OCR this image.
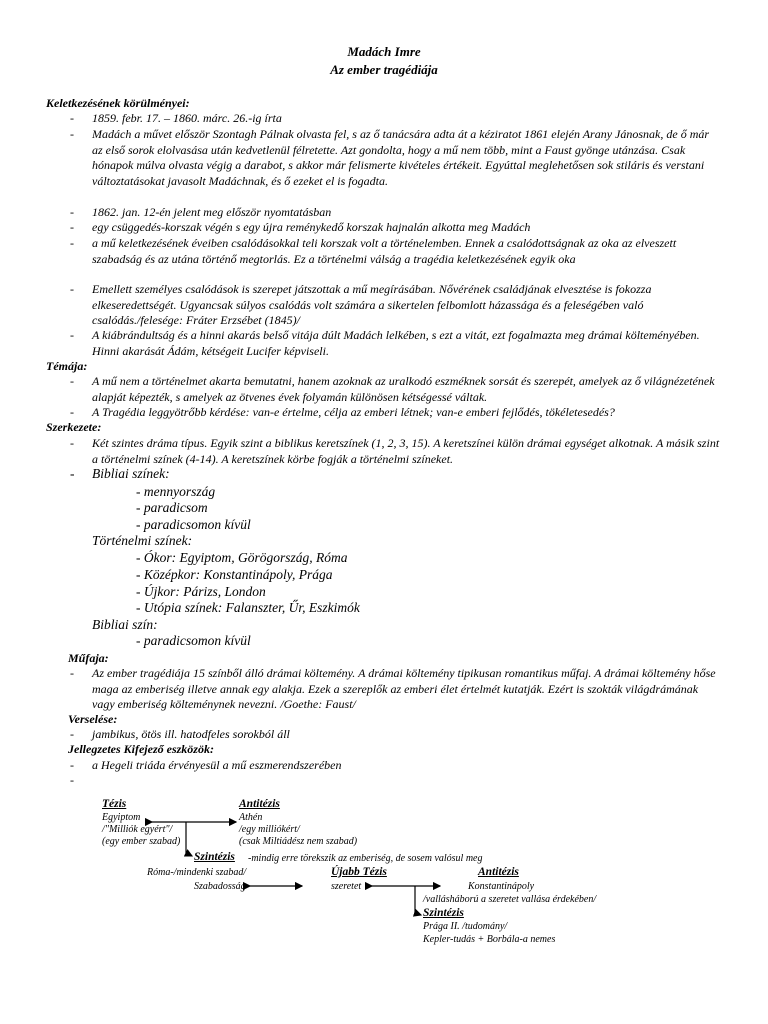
Madách Imre
Az ember tragédiája
Keletkezésének körülményei:
- 1859. febr. 17. – 1860. márc. 26.-ig írta
- Madách a művet először Szontagh Pálnak olvasta fel, s az ő tanácsára adta át a kéziratot 1861 elején Arany Jánosnak, de ő már az első sorok elolvasása után kedvetlenül félretette. Azt gondolta, hogy a mű nem több, mint a Faust gyönge utánzása. Csak hónapok múlva olvasta végig a darabot, s akkor már felismerte kivételes értékeit. Egyúttal meglehetősen sok stiláris és verstani változtatásokat javasolt Madáchnak, és ő ezeket el is fogadta.
- 1862. jan. 12-én jelent meg először nyomtatásban
- egy csüggedés-korszak végén s egy újra reménykedő korszak hajnalán alkotta meg Madách
- a mű keletkezésének éveiben csalódásokkal teli korszak volt a történelemben. Ennek a csalódottságnak az oka az elveszett szabadság és az utána történő megtorlás. Ez a történelmi válság a tragédia keletkezésének egyik oka
- Emellett személyes csalódások is szerepet játszottak a mű megírásában. Nővérének családjának elvesztése is fokozza elkeseredettségét. Ugyancsak súlyos csalódás volt számára a sikertelen felbomlott házassága és a feleségében való csalódás./felesége: Fráter Erzsébet (1845)/
- A kiábrándultság és a hinni akarás belső vitája dúlt Madách lelkében, s ezt a vitát, ezt fogalmazta meg drámai költeményében. Hinni akarását Ádám, kétségeit Lucifer képviseli.
Témája:
- A mű nem a történelmet akarta bemutatni, hanem azoknak az uralkodó eszméknek sorsát és szerepét, amelyek az ő világnézetének alapját képezték, s amelyek az ötvenes évek folyamán különösen kétségessé váltak.
- A Tragédia leggyötrőbb kérdése: van-e értelme, célja az emberi létnek; van-e emberi fejlődés, tökéletesedés?
Szerkezete:
- Két szintes dráma típus. Egyik szint a biblikus keretszínek (1, 2, 3, 15). A keretszínei külön drámai egységet alkotnak. A másik szint a történelmi színek (4-14). A keretszínek körbe fogják a történelmi színeket.
- Bibliai színek:
- mennyország
- paradicsom
- paradicsomon kívül
Történelmi színek:
- Ókor: Egyiptom, Görögország, Róma
- Középkor: Konstantinápoly, Prága
- Újkor: Párizs, London
- Utópia színek: Falanszter, Űr, Eszkimók
Bibliai szín:
- paradicsomon kívül
Műfaja:
- Az ember tragédiája 15 színből álló drámai költemény. A drámai költemény tipikusan romantikus műfaj. A drámai költemény hőse maga az emberiség illetve annak egy alakja. Ezek a szereplők az emberi élet értelmét kutatják. Ezért is szokták világdrámának vagy emberiség költeménynek nevezni. /Goethe: Faust/
Verselése:
- jambikus, ötös ill. hatodfeles sorokból áll
Jellegzetes Kifejező eszközök:
- a Hegeli triáda érvényesül a mű eszmerendszerében
-
Tézis
Egyiptom
/"Milliók egyért"/
(egy ember szabad)
Antitézis
Athén
/egy milliókért/
(csak Miltiádész nem szabad)
Szintézis -mindig erre törekszik az emberiség, de sosem valósul meg
Róma-/mindenki szabad/
Szabadosság
Újabb Tézis
szeretet
Antitézis
Konstantinápoly
/vallásháború a szeretet vallása érdekében/
Szintézis
Prága II. /tudomány/
Kepler-tudás + Borbála-a nemes
